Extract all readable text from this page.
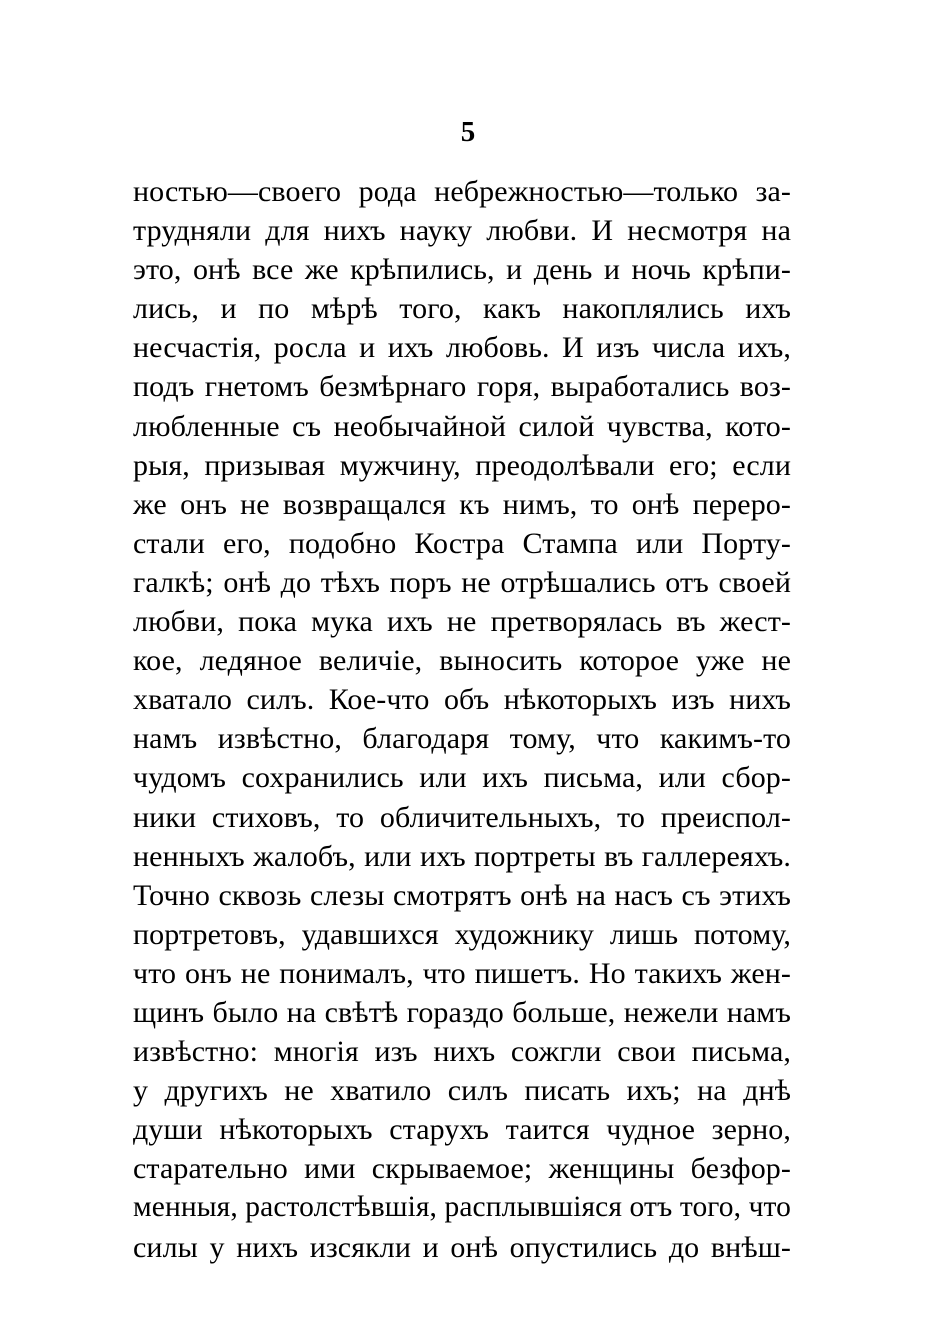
5
ностью—своего рода небрежностью—только за-
трудняли для нихъ науку любви. И несмотря на
это, онѣ все же крѣпились, и день и ночь крѣпи-
лись, и по мѣрѣ того, какъ накоплялись ихъ
несчастія, росла и ихъ любовь. И изъ числа ихъ,
подъ гнетомъ безмѣрнаго горя, выработались воз-
любленные съ необычайной силой чувства, кото-
рыя, призывая мужчину, преодолѣвали его; если
же онъ не возвращался къ нимъ, то онѣ переро-
стали его, подобно Костра Стампа или Порту-
галкѣ; онѣ до тѣхъ поръ не отрѣшались отъ своей
любви, пока мука ихъ не претворялась въ жест-
кое, ледяное величіе, выносить которое уже не
хватало силъ. Кое-что объ нѣкоторыхъ изъ нихъ
намъ извѣстно, благодаря тому, что какимъ-то
чудомъ сохранились или ихъ письма, или сбор-
ники стиховъ, то обличительныхъ, то преиспол-
ненныхъ жалобъ, или ихъ портреты въ галлереяхъ.
Точно сквозь слезы смотрятъ онѣ на насъ съ этихъ
портретовъ, удавшихся художнику лишь потому,
что онъ не понималъ, что пишетъ. Но такихъ жен-
щинъ было на свѣтѣ гораздо больше, нежели намъ
извѣстно: многія изъ нихъ сожгли свои письма,
у другихъ не хватило силъ писать ихъ; на днѣ
души нѣкоторыхъ старухъ таится чудное зерно,
старательно ими скрываемое; женщины безфор-
менныя, растолстѣвшія, расплывшіяся отъ того, что
силы у нихъ изсякли и онѣ опустились до внѣш-
